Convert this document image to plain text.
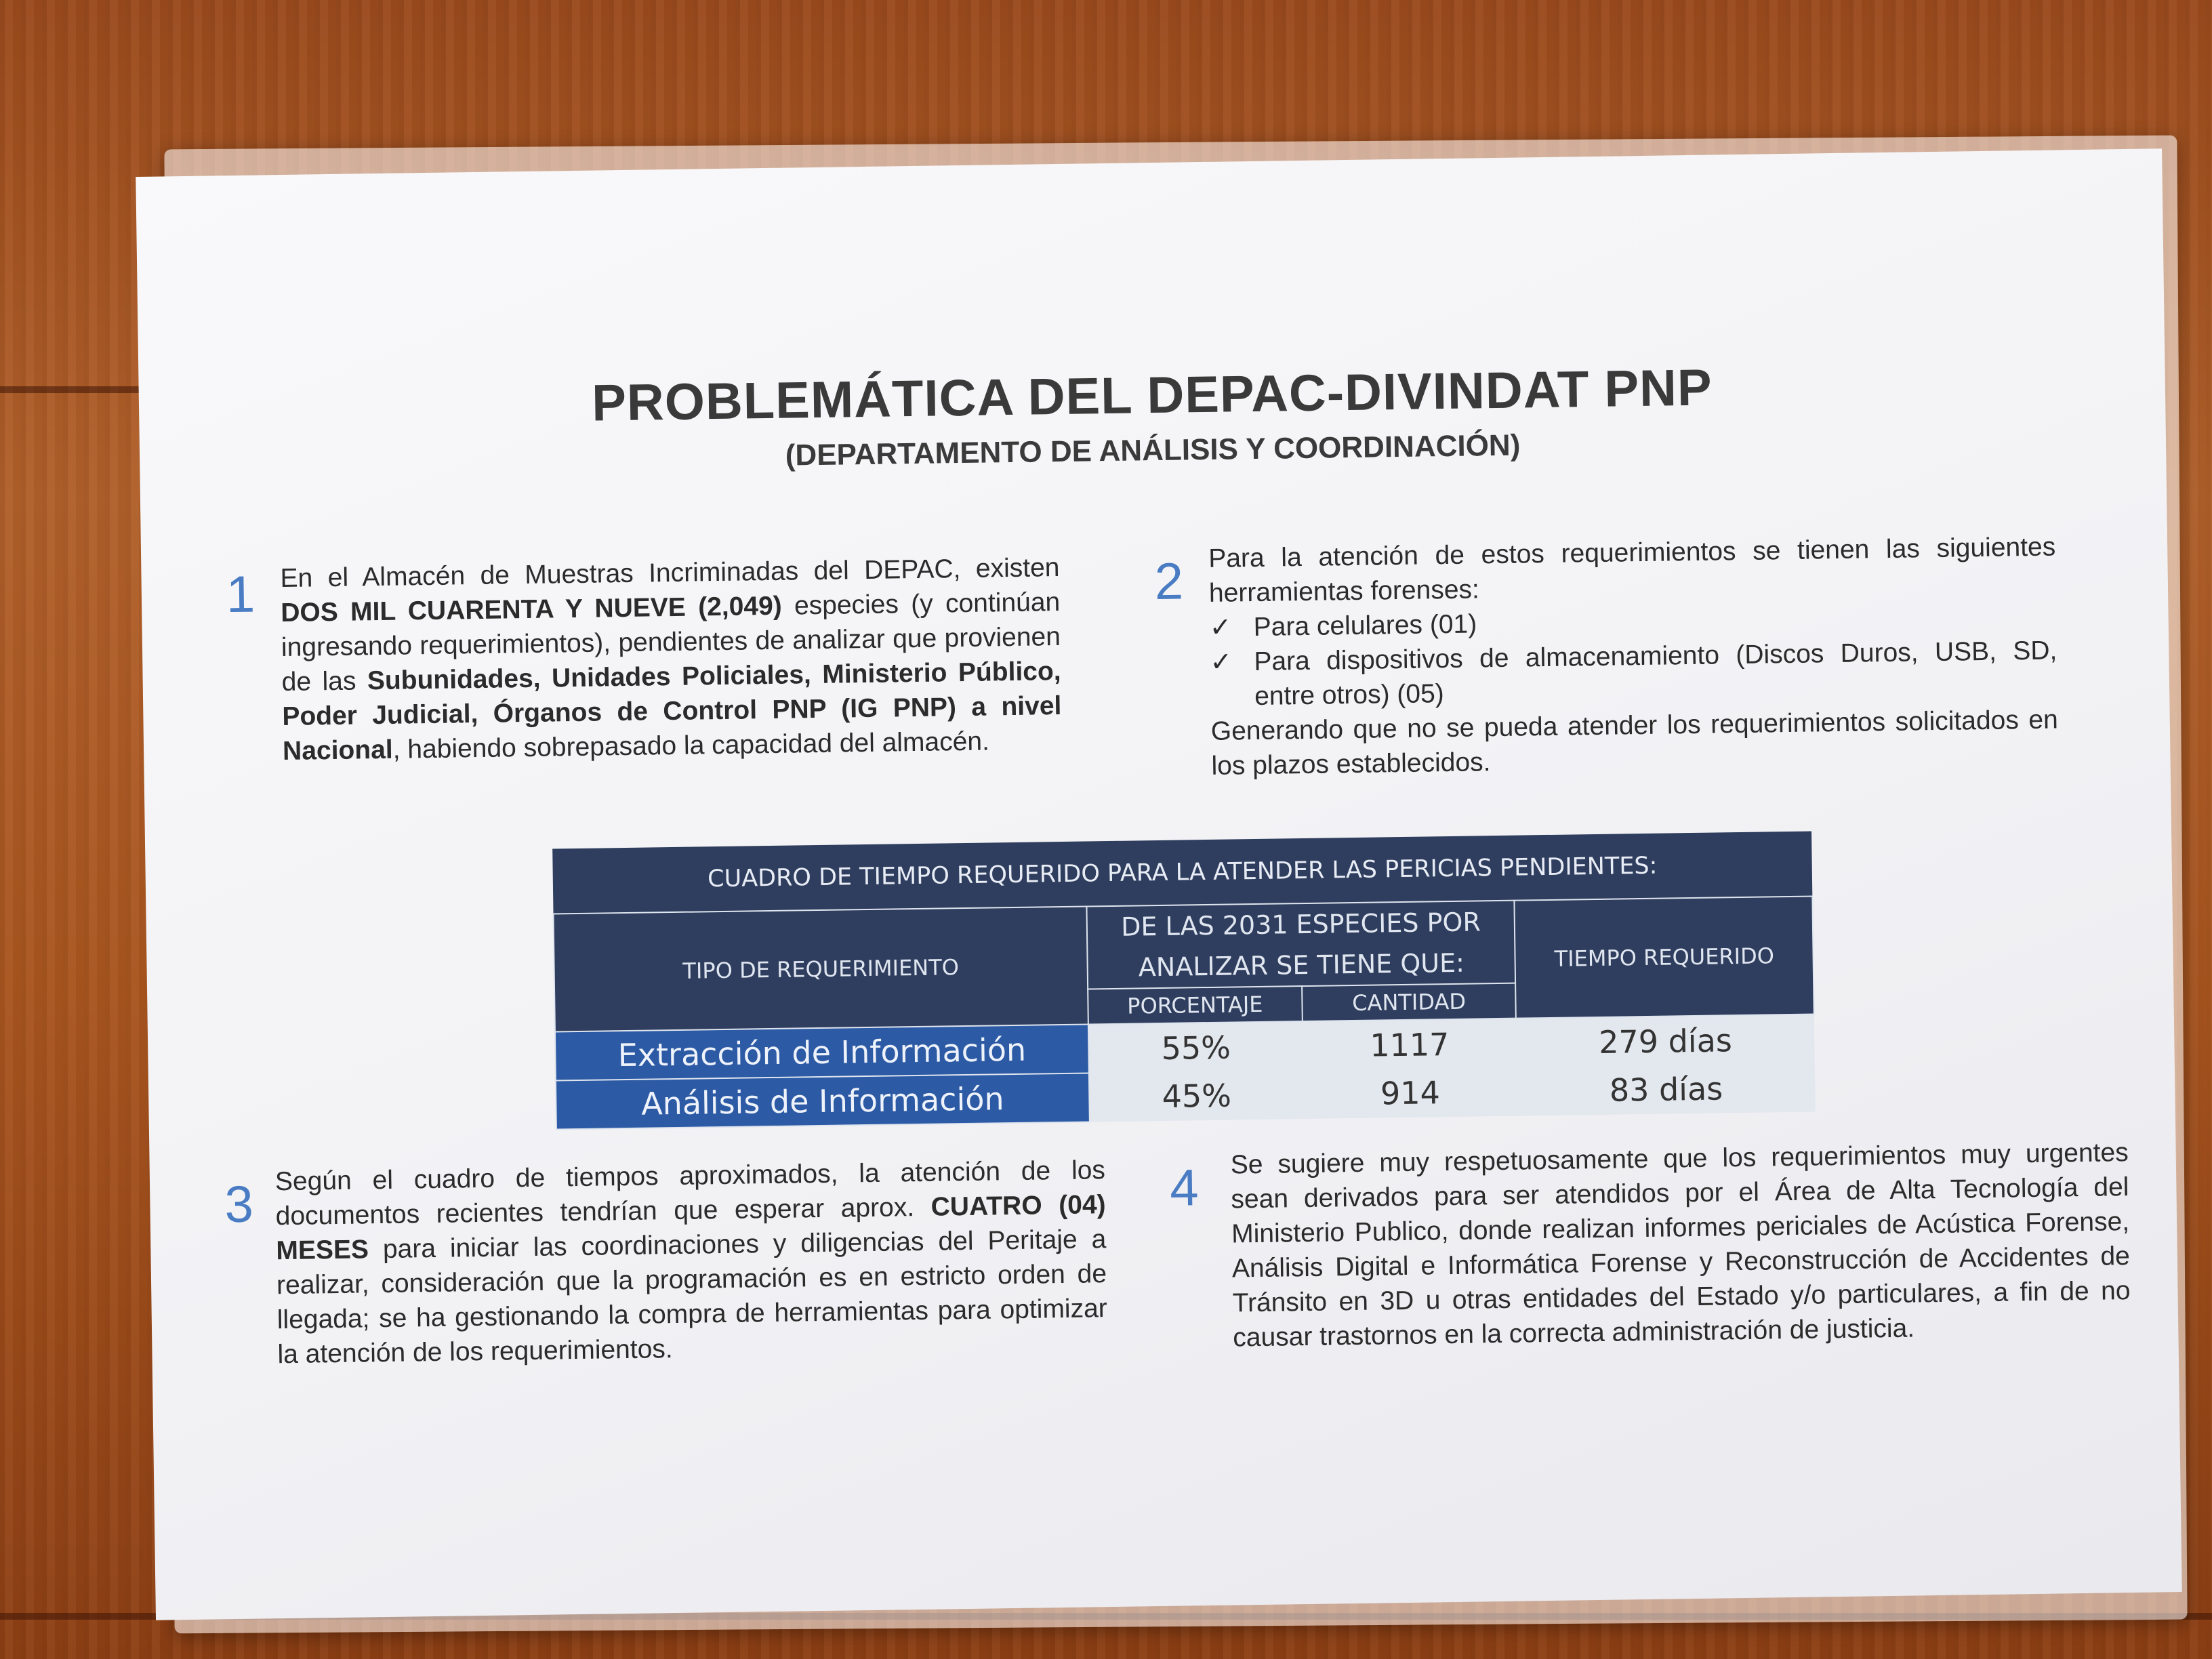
PROBLEMÁTICA DEL DEPAC-DIVINDAT PNP
(DEPARTAMENTO DE ANÁLISIS Y COORDINACIÓN)
1 En el Almacén de Muestras Incriminadas del DEPAC, existen DOS MIL CUARENTA Y NUEVE (2,049) especies (y continúan ingresando requerimientos), pendientes de analizar que provienen de las Subunidades, Unidades Policiales, Ministerio Público, Poder Judicial, Órganos de Control PNP (IG PNP) a nivel Nacional, habiendo sobrepasado la capacidad del almacén.
2 Para la atención de estos requerimientos se tienen las siguientes herramientas forenses:
✓ Para celulares (01)
✓ Para dispositivos de almacenamiento (Discos Duros, USB, SD, entre otros) (05)
Generando que no se pueda atender los requerimientos solicitados en los plazos establecidos.
CUADRO DE TIEMPO REQUERIDO PARA LA ATENDER LAS PERICIAS PENDIENTES:			
TIPO DE REQUERIMIENTO	DE LAS 2031 ESPECIES POR ANALIZAR SE TIENE QUE:		TIEMPO REQUERIDO
	PORCENTAJE	CANTIDAD	
Extracción de Información	55%	1117	279 días
Análisis de Información	45%	914	83 días
3 Según el cuadro de tiempos aproximados, la atención de los documentos recientes tendrían que esperar aprox. CUATRO (04) MESES para iniciar las coordinaciones y diligencias del Peritaje a realizar, consideración que la programación es en estricto orden de llegada; se ha gestionando la compra de herramientas para optimizar la atención de los requerimientos.
4
Se sugiere muy respetuosamente que los requerimientos muy urgentes sean derivados para ser atendidos por el Área de Alta Tecnología del Ministerio Publico, donde realizan informes periciales de Acústica Forense, Análisis Digital e Informática Forense y Reconstrucción de Accidentes de Tránsito en 3D u otras entidades del Estado y/o particulares, a fin de no causar trastornos en la correcta administración de justicia.
